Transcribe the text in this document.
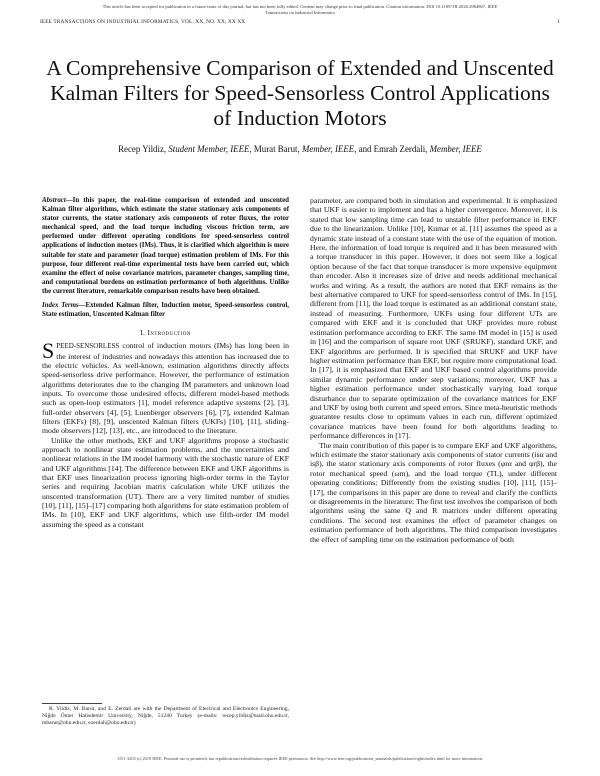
This article has been accepted for publication in a future issue of this journal, but has not been fully edited. Content may change prior to final publication. Citation information: DOI 10.1109/TII.2020.2964867, IEEE
Transactions on Industrial Informatics
IEEE TRANSACTIONS ON INDUSTRIAL INFORMATICS, VOL. XX, NO. XX, XX XX	1
A Comprehensive Comparison of Extended and Unscented Kalman Filters for Speed-Sensorless Control Applications of Induction Motors
Recep Yildiz, Student Member, IEEE, Murat Barut, Member, IEEE, and Emrah Zerdali, Member, IEEE

Abstract—In this paper, the real-time comparison of extended and unscented Kalman filter algorithms, which estimate the stator stationary axis components of stator currents, the stator stationary axis components of rotor fluxes, the rotor mechanical speed, and the load torque including viscous friction term, are performed under different operating conditions for speed-sensorless control applications of induction motors (IMs). Thus, it is clarified which algorithm is more suitable for state and parameter (load torque) estimation problem of IMs. For this purpose, four different real-time experimental tests have been carried out, which examine the effect of noise covariance matrices, parameter changes, sampling time, and computational burdens on estimation performance of both algorithms. Unlike the current literature, remarkable comparison results have been obtained.

Index Terms—Extended Kalman filter, Induction motor, Speed-sensorless control, State estimation, Unscented Kalman filter

I. Introduction

SPEED-SENSORLESS control of induction motors (IMs) has long been in the interest of industries and nowadays this attention has increased due to the electric vehicles. As well-known, estimation algorithms directly affects speed-sensorless drive performance. However, the performance of estimation algorithms deteriorates due to the changing IM parameters and unknown load inputs. To overcome those undesired effects, different model-based methods such as open-loop estimators [1], model reference adaptive systems [2], [3], full-order observers [4], [5], Luenberger observers [6], [7], extended Kalman filters (EKFs) [8], [9], unscented Kalman filters (UKFs) [10], [11], sliding-mode observers [12], [13], etc., are introduced to the literature.

Unlike the other methods, EKF and UKF algorithms propose a stochastic approach to nonlinear state estimation problems, and the uncertainties and nonlinear relations in the IM model harmony with the stochastic nature of EKF and UKF algorithms [14]. The difference between EKF and UKF algorithms is that EKF uses linearization process ignoring high-order terms in the Taylor series and requiring Jacobian matrix calculation while UKF utilizes the unscented transformation (UT). There are a very limited number of studies [10], [11], [15]–[17] comparing both algorithms for state estimation problem of IMs. In [10], EKF and UKF algorithms, which use fifth-order IM model assuming the speed as a constant

parameter, are compared both in simulation and experimental. It is emphasized that UKF is easier to implement and has a higher convergence. Moreover, it is stated that low sampling time can lead to unstable filter performance in EKF due to the linearization. Unlike [10], Kumar et al. [11] assumes the speed as a dynamic state instead of a constant state with the use of the equation of motion. Here, the information of load torque is required and it has been measured with a torque transducer in this paper. However, it does not seem like a logical option because of the fact that torque transducer is more expensive equipment than encoder. Also it increases size of drive and needs additional mechanical works and wiring. As a result, the authors are noted that EKF remains as the best alternative compared to UKF for speed-sensorless control of IMs. In [15], different from [11], the load torque is estimated as an additional constant state, instead of measuring. Furthermore, UKFs using four different UTs are compared with EKF and it is concluded that UKF provides more robust estimation performance according to EKF. The same IM model in [15] is used in [16] and the comparison of square root UKF (SRUKF), standard UKF, and EKF algorithms are performed. It is specified that SRUKF and UKF have higher estimation performance than EKF, but require more computational load. In [17], it is emphasized that EKF and UKF based control algorithms provide similar dynamic performance under step variations; moreover, UKF has a higher estimation performance under stochastically varying load torque disturbance due to separate optimization of the covariance matrices for EKF and UKF by using both current and speed errors. Since meta-heuristic methods guarantee results close to optimum values in each run, different optimized covariance matrices have been found for both algorithms leading to performance differences in [17].

The main contribution of this paper is to compare EKF and UKF algorithms, which estimate the stator stationary axis components of stator currents (isα and isβ), the stator stationary axis components of rotor fluxes (φrα and φrβ), the rotor mechanical speed (ωm), and the load torque (TL), under different operating conditions; Differently from the existing studies [10], [11], [15]–[17], the comparisons in this paper are done to reveal and clarify the conflicts or disagreements in the literature: The first test involves the comparison of both algorithms using the same Q and R matrices under different operating conditions. The second test examines the effect of parameter changes on estimation performance of both algorithms. The third comparison investigates the effect of sampling time on the estimation performance of both

R. Yildiz, M. Barut, and E. Zerdali are with the Department of Electrical and Electronics Engineering, Niğde Ömer Halisdemir University, Niğde, 51240 Turkey (e-mails: recep.yildiz@mail.ohu.edu.tr, mbarut@ohu.edu.tr, ezerdali@ohu.edu.tr)

1551-3203 (c) 2019 IEEE. Personal use is permitted, but republication/redistribution requires IEEE permission. See http://www.ieee.org/publications_standards/publications/rights/index.html for more information.
